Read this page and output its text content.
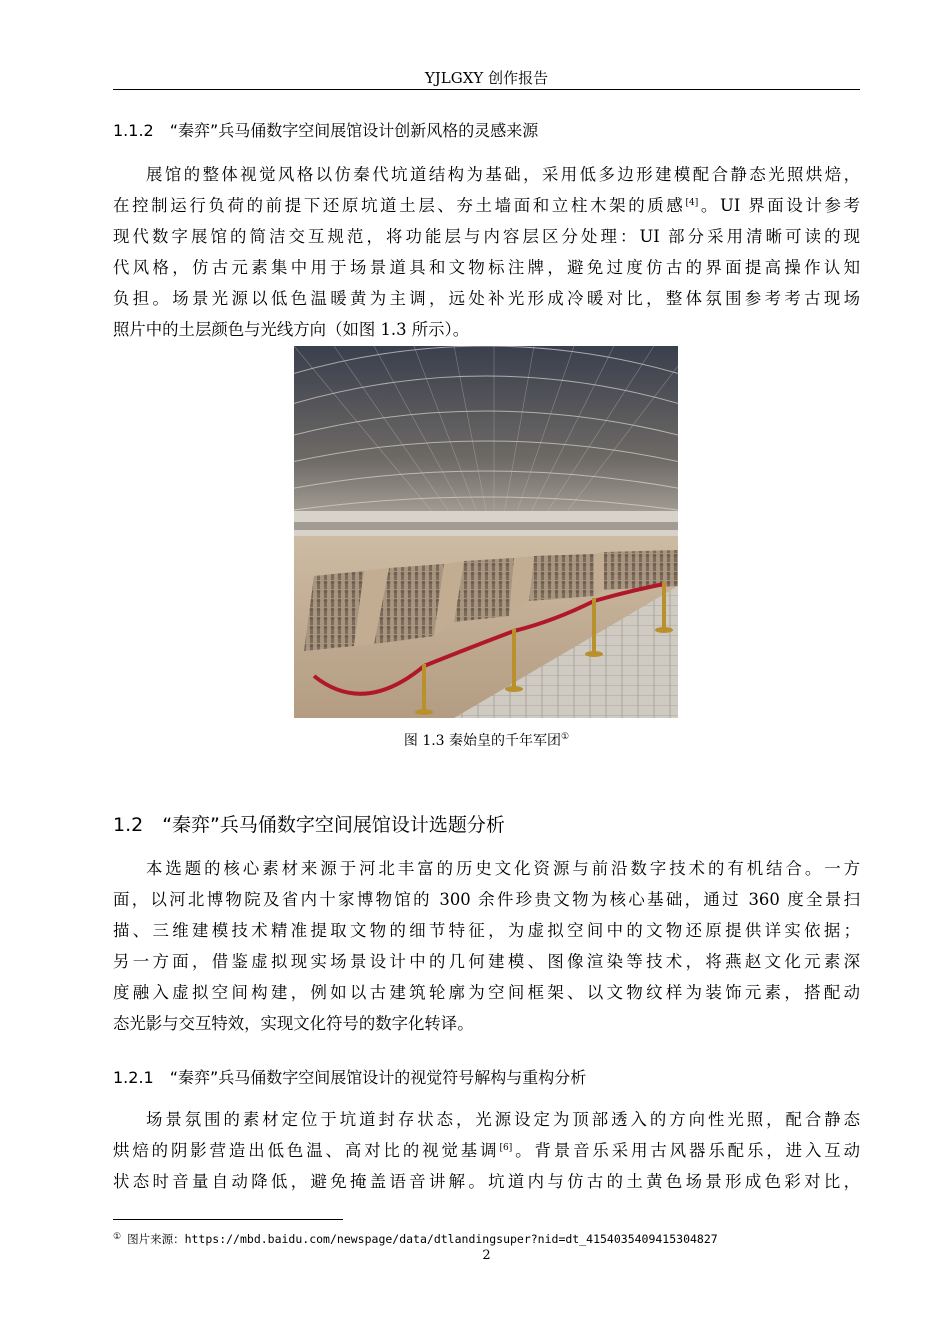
YJLGXY 创作报告
1.1.2　“秦弈”兵马俑数字空间展馆设计创新风格的灵感来源
展馆的整体视觉风格以仿秦代坑道结构为基础，采用低多边形建模配合静态光照烘焙，
在控制运行负荷的前提下还原坑道土层、夯土墙面和立柱木架的质感[4]。UI 界面设计参考
现代数字展馆的简洁交互规范，将功能层与内容层区分处理：UI 部分采用清晰可读的现
代风格，仿古元素集中用于场景道具和文物标注牌，避免过度仿古的界面提高操作认知
负担。场景光源以低色温暖黄为主调，远处补光形成冷暖对比，整体氛围参考考古现场
照片中的土层颜色与光线方向（如图 1.3 所示）。
图 1.3 秦始皇的千年军团①
1.2　“秦弈”兵马俑数字空间展馆设计选题分析
本选题的核心素材来源于河北丰富的历史文化资源与前沿数字技术的有机结合。一方
面，以河北博物院及省内十家博物馆的 300 余件珍贵文物为核心基础，通过 360 度全景扫
描、三维建模技术精准提取文物的细节特征，为虚拟空间中的文物还原提供详实依据；
另一方面，借鉴虚拟现实场景设计中的几何建模、图像渲染等技术，将燕赵文化元素深
度融入虚拟空间构建，例如以古建筑轮廓为空间框架、以文物纹样为装饰元素，搭配动
态光影与交互特效，实现文化符号的数字化转译。
1.2.1　“秦弈”兵马俑数字空间展馆设计的视觉符号解构与重构分析
场景氛围的素材定位于坑道封存状态，光源设定为顶部透入的方向性光照，配合静态
烘焙的阴影营造出低色温、高对比的视觉基调[6]。背景音乐采用古风器乐配乐，进入互动
状态时音量自动降低，避免掩盖语音讲解。坑道内与仿古的土黄色场景形成色彩对比，
① 图片来源：https://mbd.baidu.com/newspage/data/dtlandingsuper?nid=dt_4154035409415304827
2
